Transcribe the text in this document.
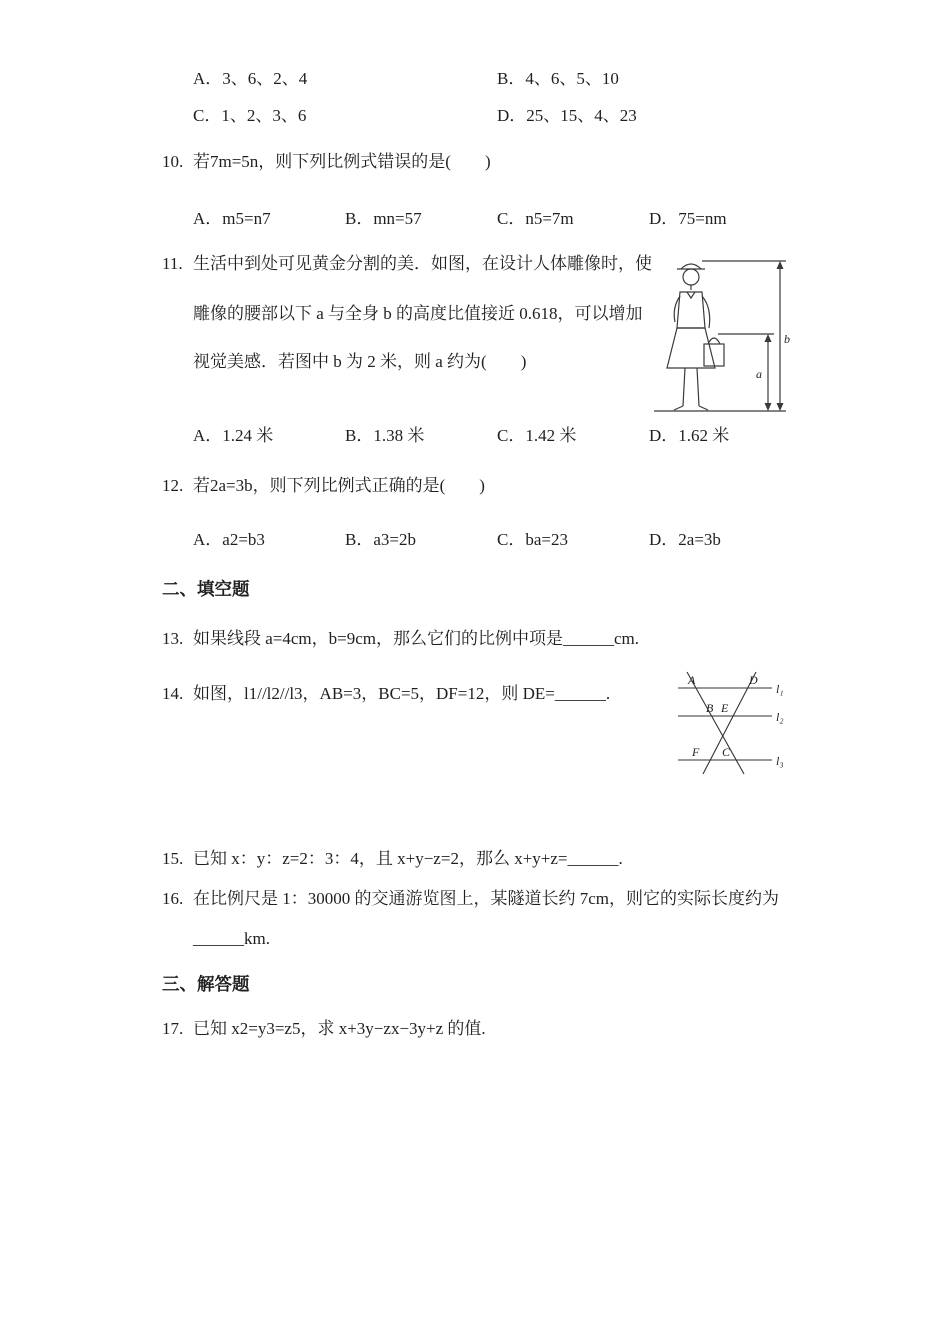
A．3、6、2、4	B．4、6、5、10
C．1、2、3、6	D．25、15、4、23
10. 若7m=5n，则下列比例式错误的是(　　)
A．m5=n7	B．mn=57	C．n5=7m	D．75=nm
11. 生活中到处可见黄金分割的美．如图，在设计人体雕像时，使
雕像的腰部以下 a 与全身 b 的高度比值接近 0.618，可以增加
视觉美感．若图中 b 为 2 米，则 a 约为(　　)
b
a
A．1.24 米	B．1.38 米	C．1.42 米	D．1.62 米
12. 若2a=3b，则下列比例式正确的是(　　)
A．a2=b3	B．a3=2b	C．ba=23	D．2a=3b
二、填空题
13. 如果线段 a=4cm，b=9cm，那么它们的比例中项是______cm.
14. 如图，l1//l2//l3，AB=3，BC=5，DF=12，则 DE=______.
A	D
B E
F C
l₁
l₂
l₃
15. 已知 x：y：z=2：3：4，且 x+y−z=2，那么 x+y+z=______.
16. 在比例尺是 1：30000 的交通游览图上，某隧道长约 7cm，则它的实际长度约为
______km.
三、解答题
17. 已知 x2=y3=z5，求 x+3y−zx−3y+z 的值.
